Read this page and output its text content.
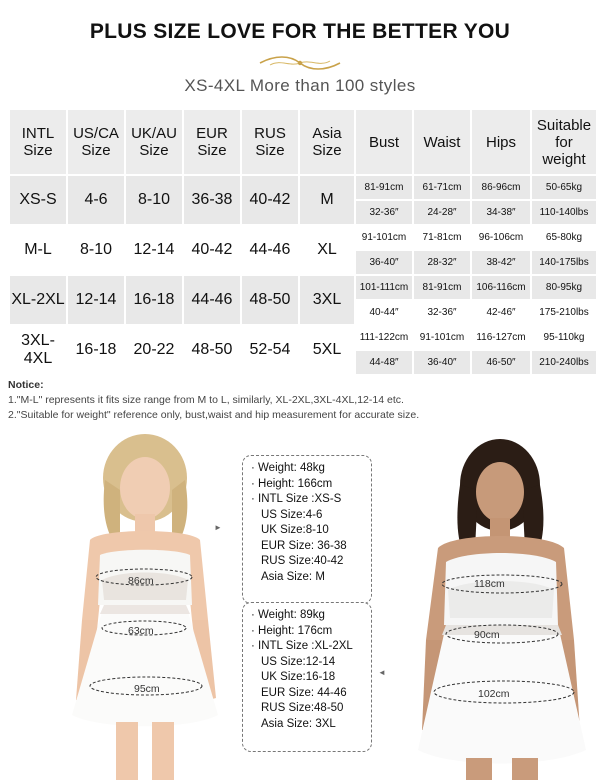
PLUS SIZE LOVE FOR THE BETTER YOU
XS-4XL More than 100 styles
INTL Size	US/CA Size	UK/AU Size	EUR Size	RUS Size	Asia Size	Bust	Waist	Hips	Suitable for weight
XS-S	4-6	8-10	36-38	40-42	M	81-91cm	61-71cm	86-96cm	50-65kg
						32-36″	24-28″	34-38″	110-140lbs
M-L	8-10	12-14	40-42	44-46	XL	91-101cm	71-81cm	96-106cm	65-80kg
						36-40″	28-32″	38-42″	140-175lbs
XL-2XL	12-14	16-18	44-46	48-50	3XL	101-111cm	81-91cm	106-116cm	80-95kg
						40-44″	32-36″	42-46″	175-210lbs
3XL-4XL	16-18	20-22	48-50	52-54	5XL	111-122cm	91-101cm	116-127cm	95-110kg
						44-48″	36-40″	46-50″	210-240lbs
Notice:
1."M-L" represents it fits size range from M to L, similarly, XL-2XL,3XL-4XL,12-14 etc.
2."Suitable for weight" reference only, bust,waist and hip measurement for accurate size.
86cm
63cm
95cm
►
· Weight: 48kg
· Height: 166cm
· INTL Size :XS-S
US Size:4-6
UK Size:8-10
EUR Size: 36-38
RUS Size:40-42
Asia Size: M
· Weight: 89kg
· Height: 176cm
· INTL Size :XL-2XL
US Size:12-14
UK Size:16-18
EUR Size: 44-46
RUS Size:48-50
Asia Size: 3XL
◄
118cm
90cm
102cm
